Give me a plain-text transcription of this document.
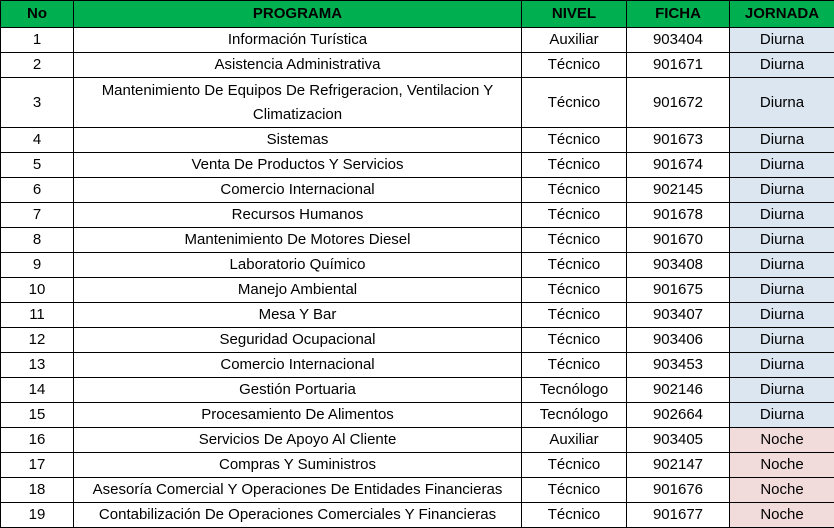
No	PROGRAMA	NIVEL	FICHA	JORNADA
1	Información Turística	Auxiliar	903404	Diurna
2	Asistencia Administrativa	Técnico	901671	Diurna
3	Mantenimiento De Equipos De Refrigeracion, Ventilacion Y Climatizacion	Técnico	901672	Diurna
4	Sistemas	Técnico	901673	Diurna
5	Venta De Productos Y Servicios	Técnico	901674	Diurna
6	Comercio Internacional	Técnico	902145	Diurna
7	Recursos Humanos	Técnico	901678	Diurna
8	Mantenimiento De Motores Diesel	Técnico	901670	Diurna
9	Laboratorio Químico	Técnico	903408	Diurna
10	Manejo Ambiental	Técnico	901675	Diurna
11	Mesa Y Bar	Técnico	903407	Diurna
12	Seguridad Ocupacional	Técnico	903406	Diurna
13	Comercio Internacional	Técnico	903453	Diurna
14	Gestión Portuaria	Tecnólogo	902146	Diurna
15	Procesamiento De Alimentos	Tecnólogo	902664	Diurna
16	Servicios De Apoyo Al Cliente	Auxiliar	903405	Noche
17	Compras Y Suministros	Técnico	902147	Noche
18	Asesoría Comercial Y Operaciones De Entidades Financieras	Técnico	901676	Noche
19	Contabilización De Operaciones Comerciales Y Financieras	Técnico	901677	Noche
